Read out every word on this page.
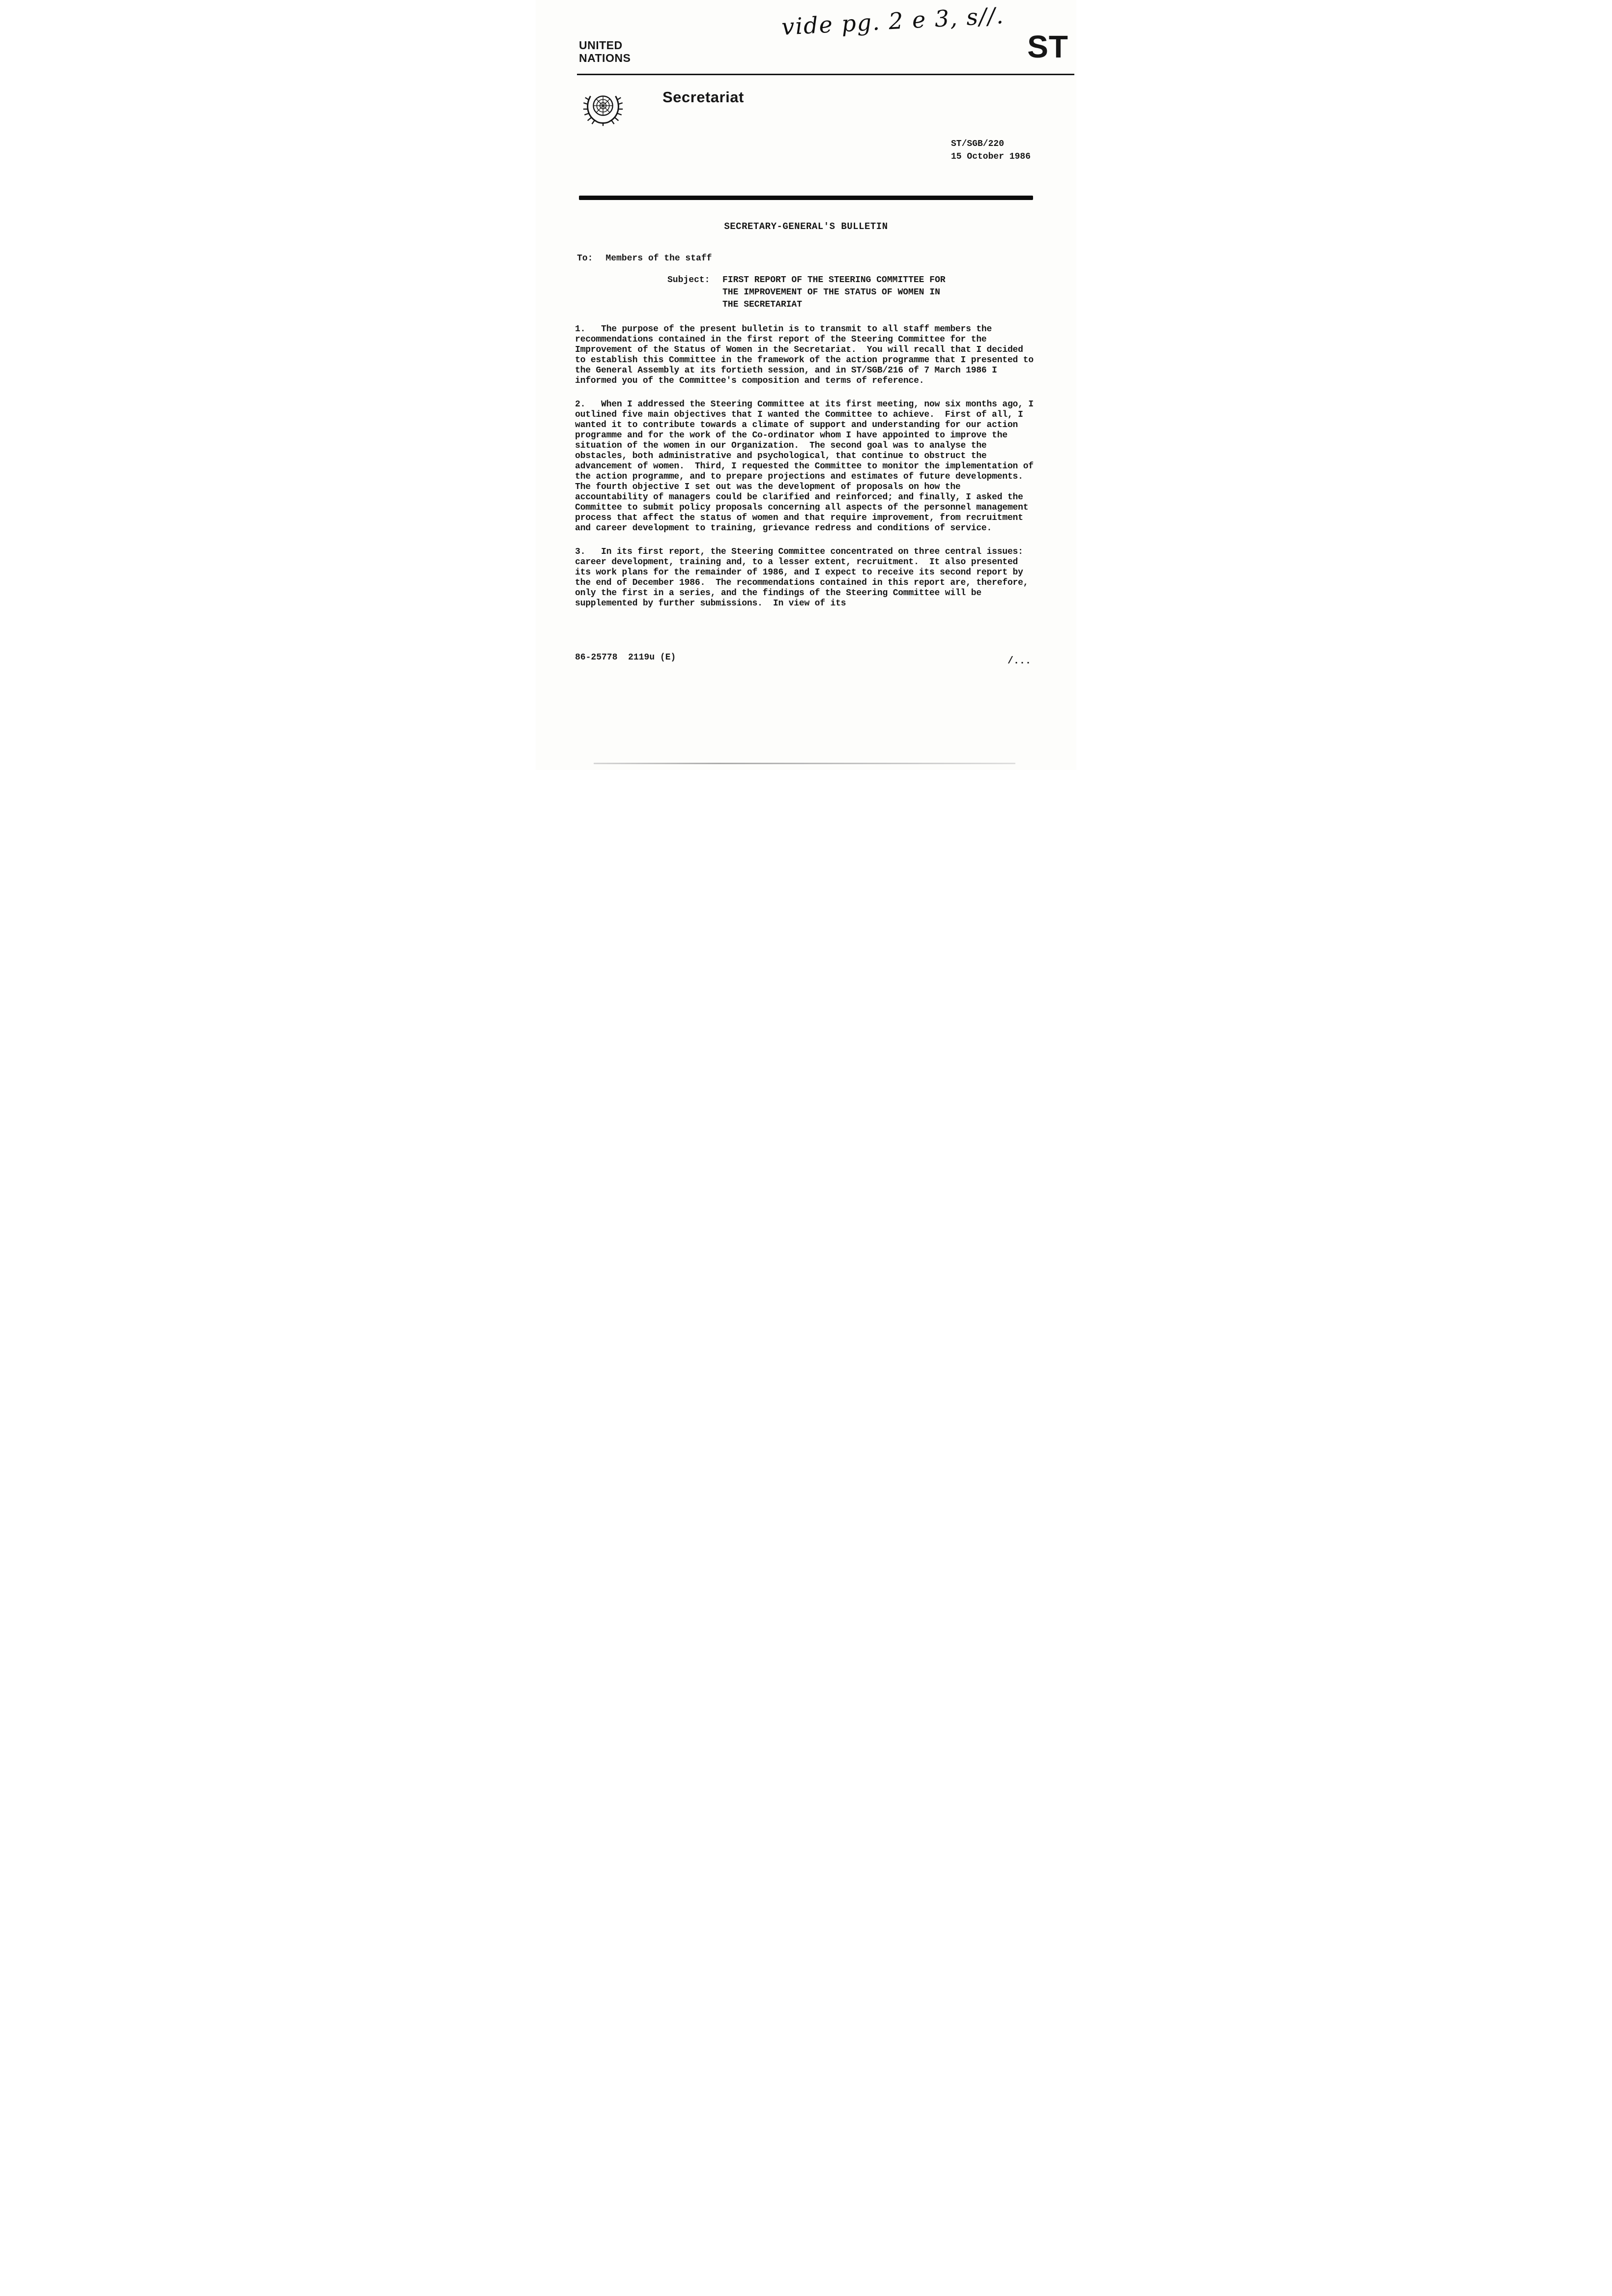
vide pg. 2 e 3, s//.
UNITED
NATIONS	ST
Secretariat
ST/SGB/220
15 October 1986
SECRETARY-GENERAL'S BULLETIN
To: Members of the staff
Subject: FIRST REPORT OF THE STEERING COMMITTEE FOR
THE IMPROVEMENT OF THE STATUS OF WOMEN IN
THE SECRETARIAT

1.   The purpose of the present bulletin is to transmit to all staff members the recommendations contained in the first report of the Steering Committee for the Improvement of the Status of Women in the Secretariat.  You will recall that I decided to establish this Committee in the framework of the action programme that I presented to the General Assembly at its fortieth session, and in ST/SGB/216 of 7 March 1986 I informed you of the Committee's composition and terms of reference.

2.   When I addressed the Steering Committee at its first meeting, now six months ago, I outlined five main objectives that I wanted the Committee to achieve.  First of all, I wanted it to contribute towards a climate of support and understanding for our action programme and for the work of the Co-ordinator whom I have appointed to improve the situation of the women in our Organization.  The second goal was to analyse the obstacles, both administrative and psychological, that continue to obstruct the advancement of women.  Third, I requested the Committee to monitor the implementation of the action programme, and to prepare projections and estimates of future developments.  The fourth objective I set out was the development of proposals on how the accountability of managers could be clarified and reinforced; and finally, I asked the Committee to submit policy proposals concerning all aspects of the personnel management process that affect the status of women and that require improvement, from recruitment and career development to training, grievance redress and conditions of service.

3.   In its first report, the Steering Committee concentrated on three central issues:  career development, training and, to a lesser extent, recruitment.  It also presented its work plans for the remainder of 1986, and I expect to receive its second report by the end of December 1986.  The recommendations contained in this report are, therefore, only the first in a series, and the findings of the Steering Committee will be supplemented by further submissions.  In view of its

86-25778  2119u (E)	/...
